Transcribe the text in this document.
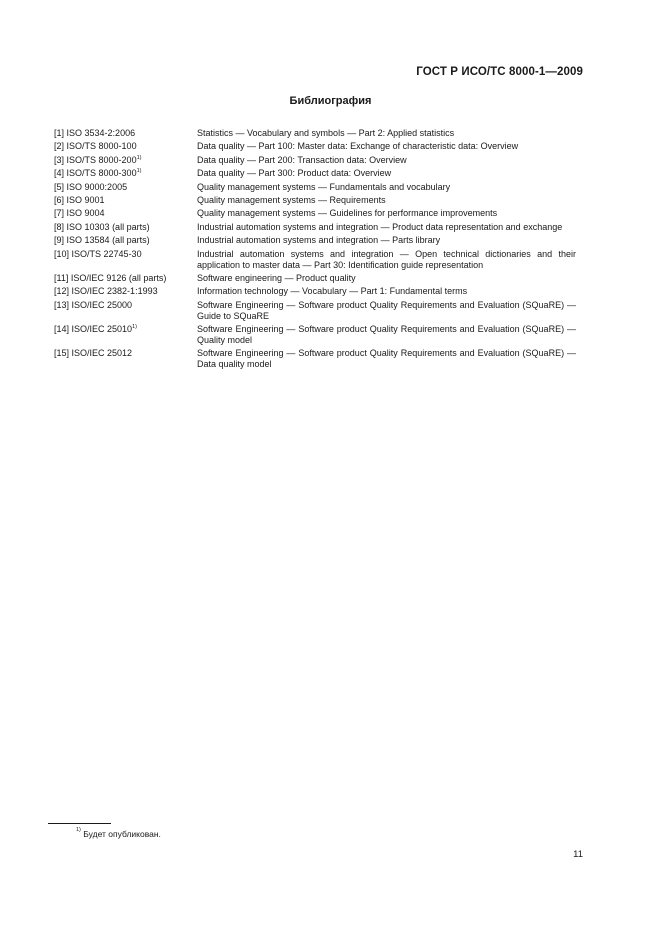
ГОСТ Р ИСО/ТС 8000-1—2009
Библиография
[1] ISO 3534-2:2006	Statistics — Vocabulary and symbols — Part 2: Applied statistics
[2] ISO/TS 8000-100	Data quality — Part 100: Master data: Exchange of characteristic data: Overview
[3] ISO/TS 8000-200$^{1)}$	Data quality — Part 200: Transaction data: Overview
[4] ISO/TS 8000-300$^{1)}$	Data quality — Part 300: Product data: Overview
[5] ISO 9000:2005	Quality management systems — Fundamentals and vocabulary
[6] ISO 9001	Quality management systems — Requirements
[7] ISO 9004	Quality management systems — Guidelines for performance improvements
[8] ISO 10303 (all parts)	Industrial automation systems and integration — Product data representation and exchange
[9] ISO 13584 (all parts)	Industrial automation systems and integration — Parts library
[10] ISO/TS 22745-30	Industrial automation systems and integration — Open technical dictionaries and their application to master data — Part 30: Identification guide representation
[11] ISO/IEC 9126 (all parts)	Software engineering — Product quality
[12] ISO/IEC 2382-1:1993	Information technology — Vocabulary — Part 1: Fundamental terms
[13] ISO/IEC 25000	Software Engineering — Software product Quality Requirements and Evaluation (SQuaRE) — Guide to SQuaRE
[14] ISO/IEC 25010$^{1)}$	Software Engineering — Software product Quality Requirements and Evaluation (SQuaRE) — Quality model
[15] ISO/IEC 25012	Software Engineering — Software product Quality Requirements and Evaluation (SQuaRE) — Data quality model
$^{1)}$ Будет опубликован.
11
